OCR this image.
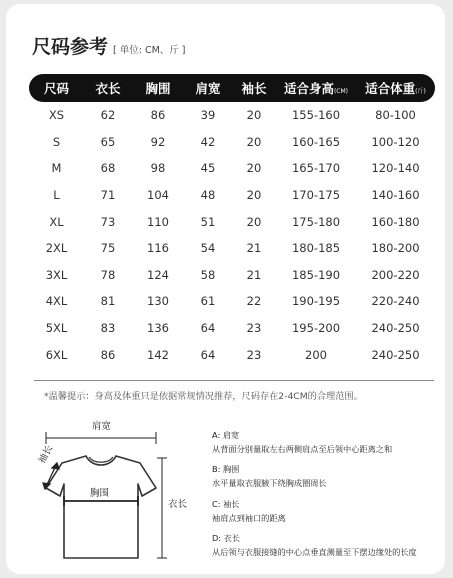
尺码参考 [ 单位: CM、斤 ]
尺码	衣长	胸围	肩宽	袖长	适合身高(CM)	适合体重(斤)
XS	62	86	39	20	155-160	80-100
S	65	92	42	20	160-165	100-120
M	68	98	45	20	165-170	120-140
L	71	104	48	20	170-175	140-160
XL	73	110	51	20	175-180	160-180
2XL	75	116	54	21	180-185	180-200
3XL	78	124	58	21	185-190	200-220
4XL	81	130	61	22	190-195	220-240
5XL	83	136	64	23	195-200	240-250
6XL	86	142	64	23	200	240-250
*温馨提示：身高及体重只是依据常规情况推荐，尺码存在2-4CM的合理范围。
肩宽
袖长
胸围
衣长
A: 肩宽
从背面分别量取左右两侧肩点至后领中心距离之和
B: 胸围
水平量取衣服腋下绕胸成圈周长
C: 袖长
袖肩点到袖口的距离
D: 衣长
从后领与衣服接缝的中心点垂直测量至下摆边缘处的长度
